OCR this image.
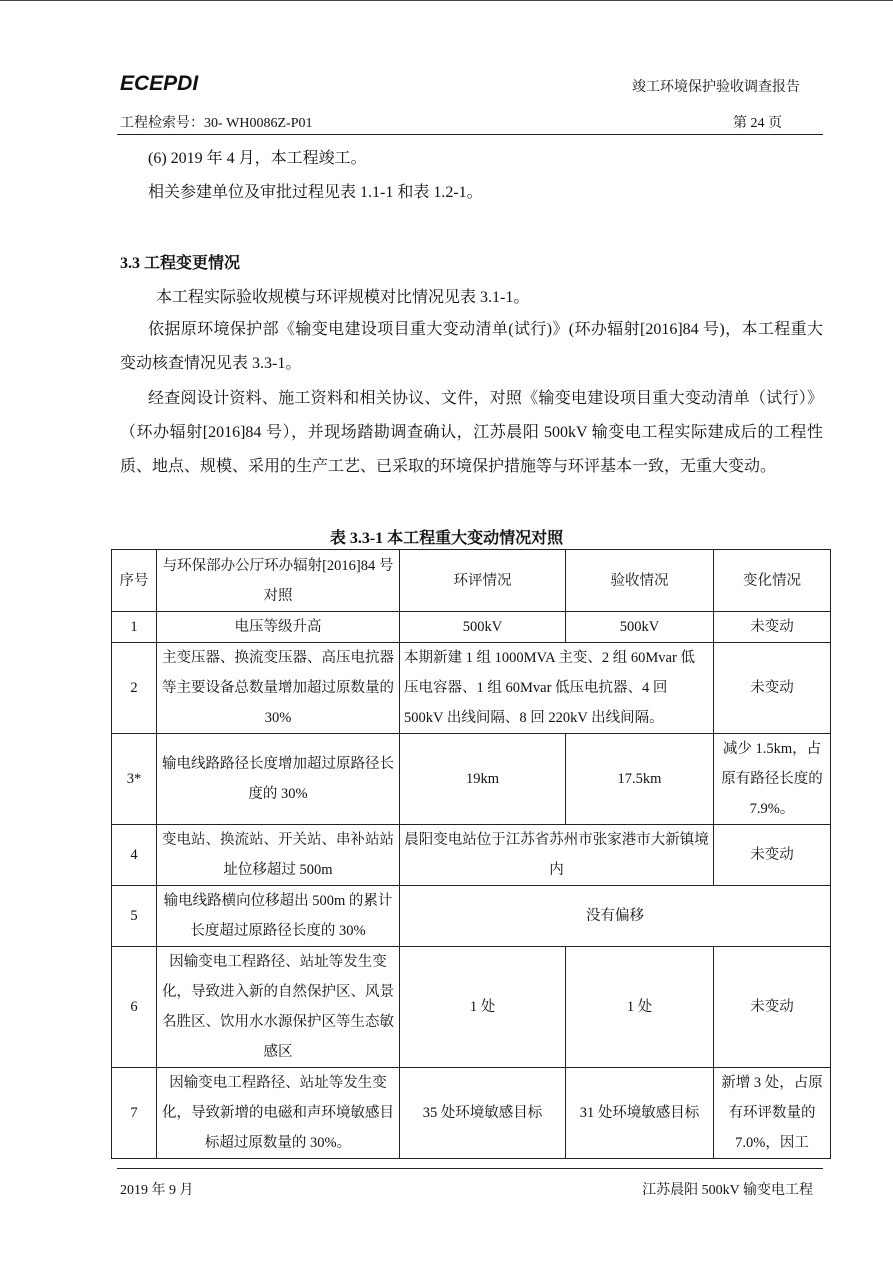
ECEPDI	竣工环境保护验收调查报告
工程检索号：30- WH0086Z-P01	第 24 页
(6) 2019 年 4 月，本工程竣工。
相关参建单位及审批过程见表 1.1-1 和表 1.2-1。
3.3 工程变更情况
本工程实际验收规模与环评规模对比情况见表 3.1-1。
依据原环境保护部《输变电建设项目重大变动清单(试行)》(环办辐射[2016]84 号)，本工程重大变动核查情况见表 3.3-1。
经查阅设计资料、施工资料和相关协议、文件，对照《输变电建设项目重大变动清单（试行）》（环办辐射[2016]84 号），并现场踏勘调查确认，江苏晨阳 500kV 输变电工程实际建成后的工程性质、地点、规模、采用的生产工艺、已采取的环境保护措施等与环评基本一致，无重大变动。
表 3.3-1 本工程重大变动情况对照
序号	与环保部办公厅环办辐射[2016]84 号对照	环评情况	验收情况	变化情况
1	电压等级升高	500kV	500kV	未变动
2	主变压器、换流变压器、高压电抗器等主要设备总数量增加超过原数量的 30%	本期新建 1 组 1000MVA 主变、2 组 60Mvar 低压电容器、1 组 60Mvar 低压电抗器、4 回 500kV 出线间隔、8 回 220kV 出线间隔。		未变动
3*	输电线路路径长度增加超过原路径长度的 30%	19km	17.5km	减少 1.5km，占原有路径长度的 7.9%。
4	变电站、换流站、开关站、串补站站址位移超过 500m	晨阳变电站位于江苏省苏州市张家港市大新镇境内		未变动
5	输电线路横向位移超出 500m 的累计长度超过原路径长度的 30%	没有偏移		
6	因输变电工程路径、站址等发生变化，导致进入新的自然保护区、风景名胜区、饮用水水源保护区等生态敏感区	1 处	1 处	未变动
7	因输变电工程路径、站址等发生变化，导致新增的电磁和声环境敏感目标超过原数量的 30%。	35 处环境敏感目标	31 处环境敏感目标	新增 3 处，占原有环评数量的 7.0%，因工
2019 年 9 月	江苏晨阳 500kV 输变电工程
